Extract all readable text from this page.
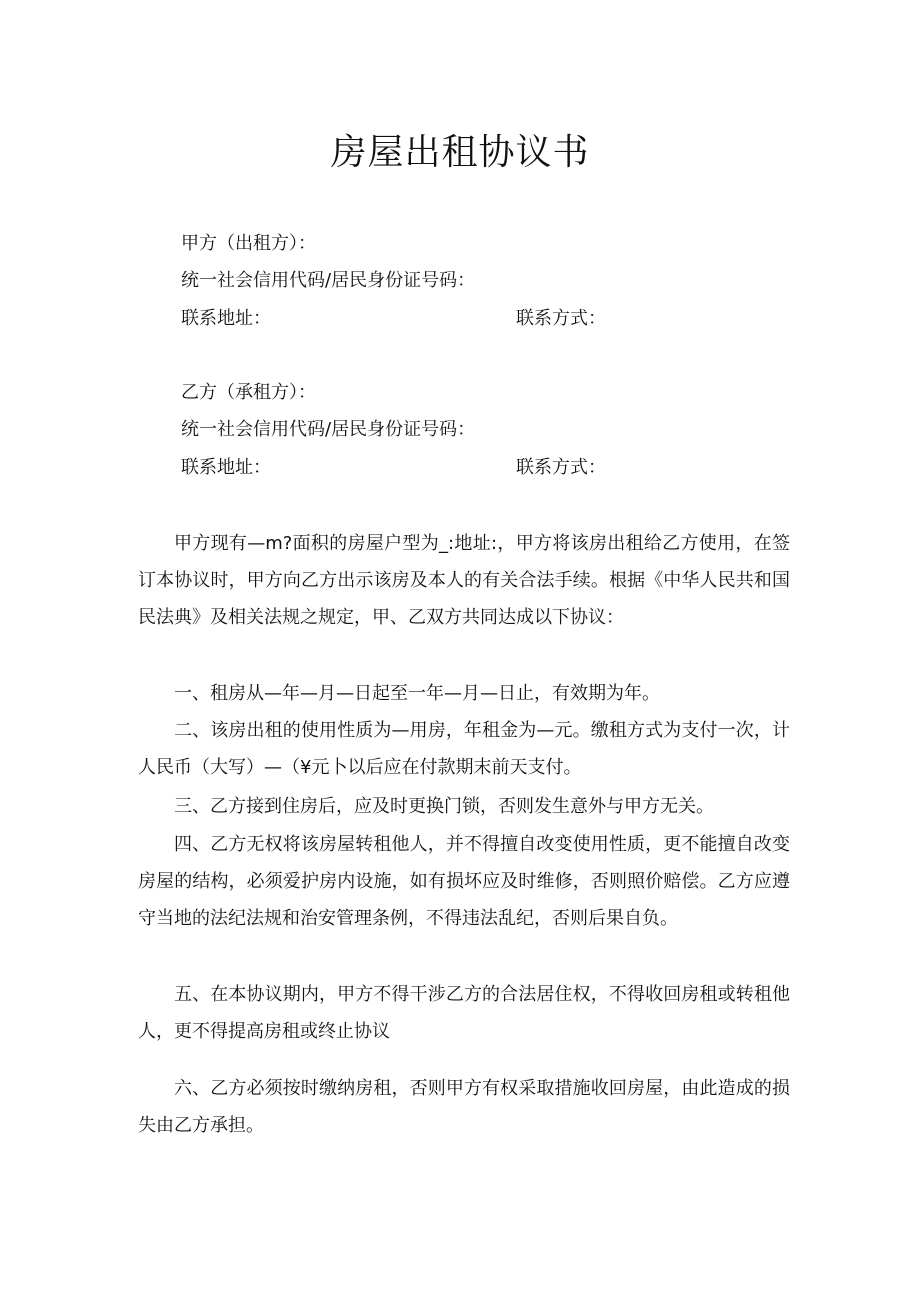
房屋出租协议书
甲方（出租方）：
统一社会信用代码/居民身份证号码：
联系地址：	联系方式：
乙方（承租方）：
统一社会信用代码/居民身份证号码：
联系地址：	联系方式：

甲方现有—m?面积的房屋户型为_:地址:，甲方将该房出租给乙方使用，在签订本协议时，甲方向乙方出示该房及本人的有关合法手续。根据《中华人民共和国民法典》及相关法规之规定，甲、乙双方共同达成以下协议：

一、租房从—年—月—日起至一年—月—日止，有效期为年。

二、该房出租的使用性质为—用房，年租金为—元。缴租方式为支付一次，计人民币（大写）—（¥元卜以后应在付款期末前天支付。

三、乙方接到住房后，应及时更换门锁，否则发生意外与甲方无关。

四、乙方无权将该房屋转租他人，并不得擅自改变使用性质，更不能擅自改变房屋的结构，必须爱护房内设施，如有损坏应及时维修，否则照价赔偿。乙方应遵守当地的法纪法规和治安管理条例，不得违法乱纪，否则后果自负。

五、在本协议期内，甲方不得干涉乙方的合法居住权，不得收回房租或转租他人，更不得提高房租或终止协议

六、乙方必须按时缴纳房租，否则甲方有权采取措施收回房屋，由此造成的损失由乙方承担。
